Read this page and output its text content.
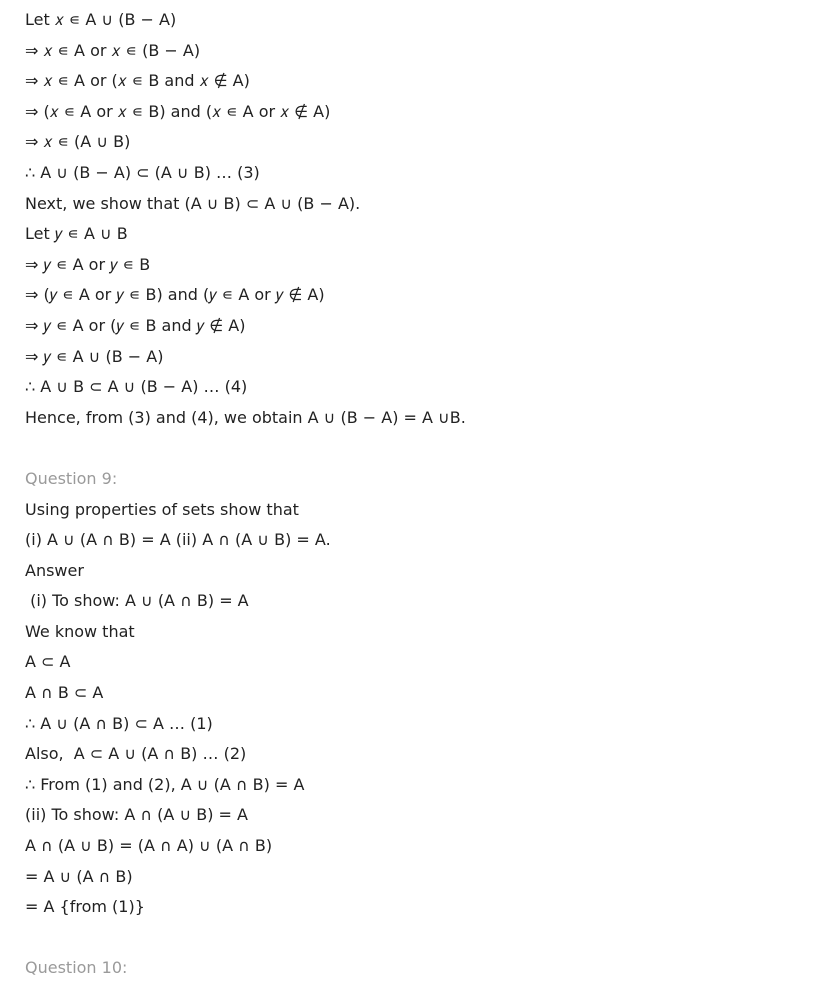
Let 𝑥 ∊ A ∪ (B − A)
⇒ 𝑥 ∊ A or 𝑥 ∊ (B − A)
⇒ 𝑥 ∊ A or (𝑥 ∊ B and 𝑥 ∉ A)
⇒ (𝑥 ∊ A or 𝑥 ∊ B) and (𝑥 ∊ A or 𝑥 ∉ A)
⇒ 𝑥 ∊ (A ∪ B)
∴ A ∪ (B − A) ⊂ (A ∪ B) … (3)
Next, we show that (A ∪ B) ⊂ A ∪ (B − A).
Let 𝑦 ∊ A ∪ B
⇒ 𝑦 ∊ A or 𝑦 ∊ B
⇒ (𝑦 ∊ A or 𝑦 ∊ B) and (𝑦 ∊ A or 𝑦 ∉ A)
⇒ 𝑦 ∊ A or (𝑦 ∊ B and 𝑦 ∉ A)
⇒ 𝑦 ∊ A ∪ (B − A)
∴ A ∪ B ⊂ A ∪ (B − A) … (4)
Hence, from (3) and (4), we obtain A ∪ (B − A) = A ∪B.
Question 9:
Using properties of sets show that
(i) A ∪ (A ∩ B) = A (ii) A ∩ (A ∪ B) = A.
Answer
(i) To show: A ∪ (A ∩ B) = A
We know that
A ⊂ A
A ∩ B ⊂ A
∴ A ∪ (A ∩ B) ⊂ A … (1)
Also,  A ⊂ A ∪ (A ∩ B) … (2)
∴ From (1) and (2), A ∪ (A ∩ B) = A
(ii) To show: A ∩ (A ∪ B) = A
A ∩ (A ∪ B) = (A ∩ A) ∪ (A ∩ B)
= A ∪ (A ∩ B)
= A {from (1)}
Question 10:
